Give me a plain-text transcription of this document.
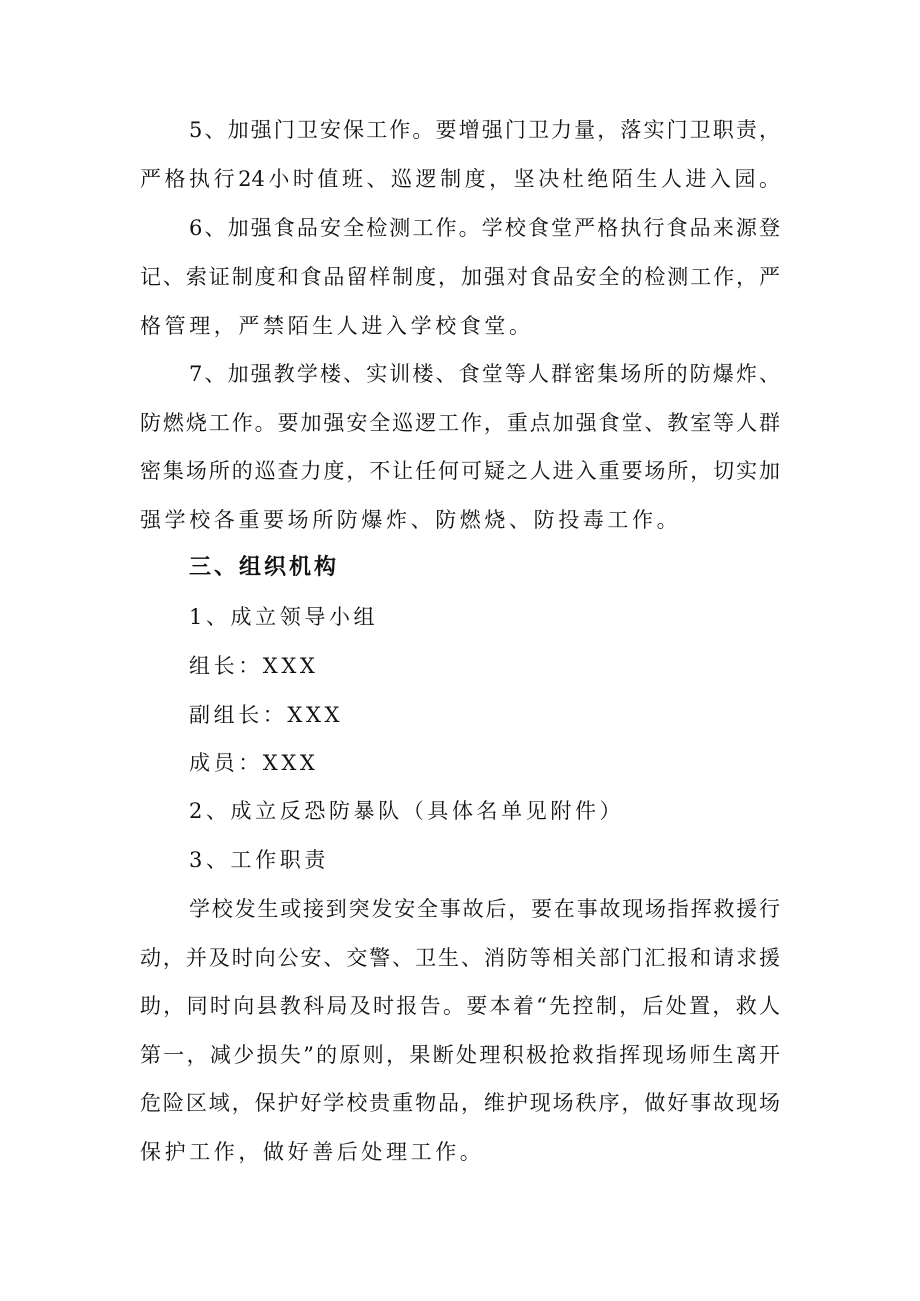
5、加强门卫安保工作。要增强门卫力量，落实门卫职责，
严格执行24小时值班、巡逻制度，坚决杜绝陌生人进入园。
6、加强食品安全检测工作。学校食堂严格执行食品来源登
记、索证制度和食品留样制度，加强对食品安全的检测工作，严
格管理，严禁陌生人进入学校食堂。
7、加强教学楼、实训楼、食堂等人群密集场所的防爆炸、
防燃烧工作。要加强安全巡逻工作，重点加强食堂、教室等人群
密集场所的巡查力度，不让任何可疑之人进入重要场所，切实加
强学校各重要场所防爆炸、防燃烧、防投毒工作。
三、组织机构
1、成立领导小组
组长：XXX
副组长：XXX
成员：XXX
2、成立反恐防暴队（具体名单见附件）
3、工作职责
学校发生或接到突发安全事故后，要在事故现场指挥救援行
动，并及时向公安、交警、卫生、消防等相关部门汇报和请求援
助，同时向县教科局及时报告。要本着“先控制，后处置，救人
第一，减少损失”的原则，果断处理积极抢救指挥现场师生离开
危险区域，保护好学校贵重物品，维护现场秩序，做好事故现场
保护工作，做好善后处理工作。
